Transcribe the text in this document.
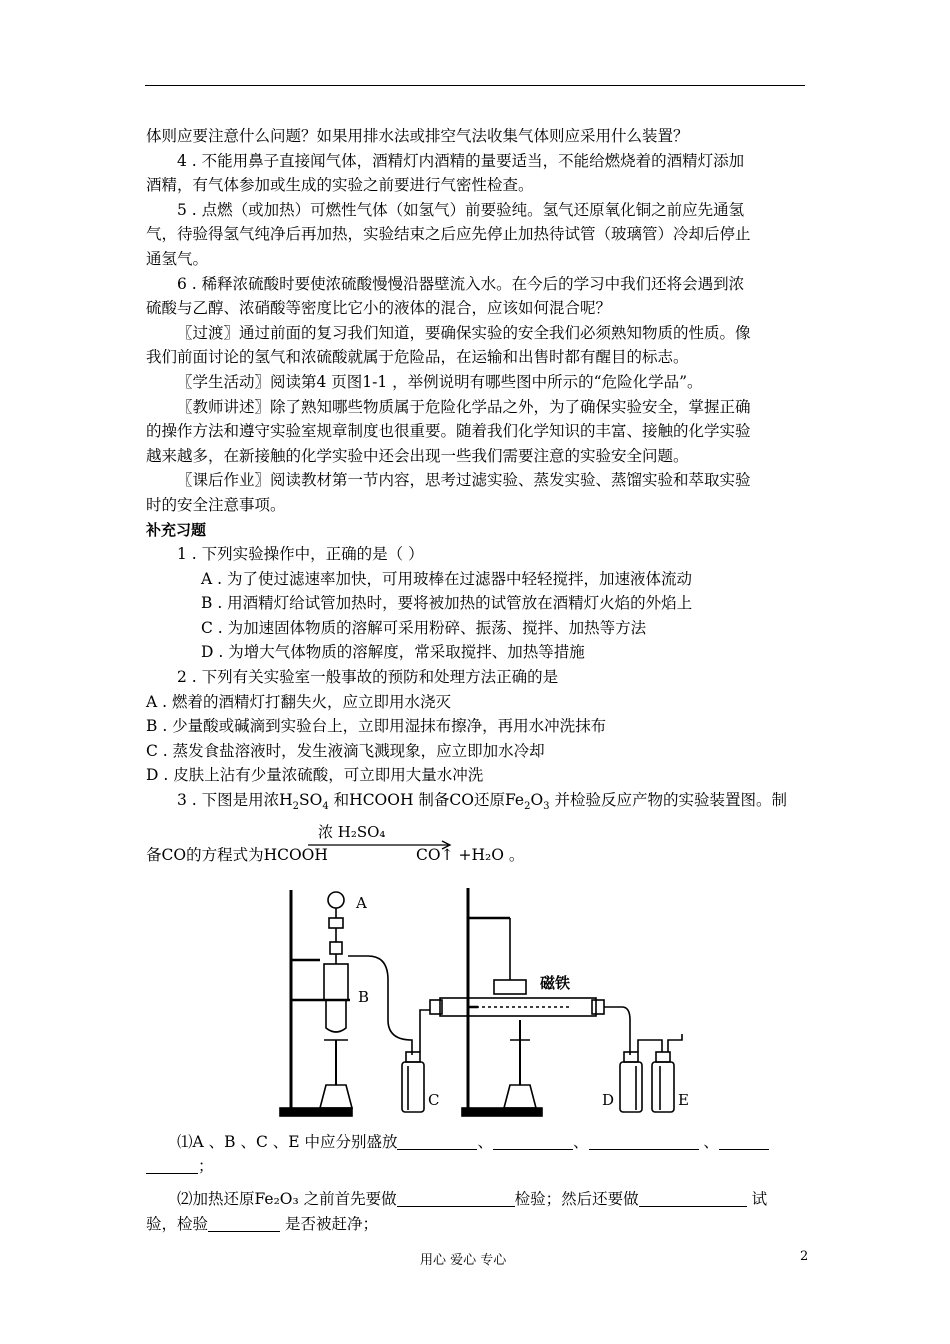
体则应要注意什么问题？如果用排水法或排空气法收集气体则应采用什么装置？

4 . 不能用鼻子直接闻气体，酒精灯内酒精的量要适当，不能给燃烧着的酒精灯添加

酒精，有气体参加或生成的实验之前要进行气密性检查。

5 . 点燃（或加热）可燃性气体（如氢气）前要验纯。氢气还原氧化铜之前应先通氢

气，待验得氢气纯净后再加热，实验结束之后应先停止加热待试管（玻璃管）冷却后停止

通氢气。

6 . 稀释浓硫酸时要使浓硫酸慢慢沿器壁流入水。在今后的学习中我们还将会遇到浓

硫酸与乙醇、浓硝酸等密度比它小的液体的混合，应该如何混合呢？

〖过渡〗通过前面的复习我们知道，要确保实验的安全我们必须熟知物质的性质。像

我们前面讨论的氢气和浓硫酸就属于危险品，在运输和出售时都有醒目的标志。

〖学生活动〗阅读第4 页图1-1 ，举例说明有哪些图中所示的“危险化学品”。

〖教师讲述〗除了熟知哪些物质属于危险化学品之外，为了确保实验安全，掌握正确

的操作方法和遵守实验室规章制度也很重要。随着我们化学知识的丰富、接触的化学实验

越来越多，在新接触的化学实验中还会出现一些我们需要注意的实验安全问题。

〖课后作业〗阅读教材第一节内容，思考过滤实验、蒸发实验、蒸馏实验和萃取实验

时的安全注意事项。

补充习题

1 . 下列实验操作中，正确的是（ ）

A . 为了使过滤速率加快，可用玻棒在过滤器中轻轻搅拌，加速液体流动

B . 用酒精灯给试管加热时，要将被加热的试管放在酒精灯火焰的外焰上

C . 为加速固体物质的溶解可采用粉碎、振荡、搅拌、加热等方法

D . 为增大气体物质的溶解度，常采取搅拌、加热等措施

2 . 下列有关实验室一般事故的预防和处理方法正确的是

A . 燃着的酒精灯打翻失火，应立即用水浇灭

B . 少量酸或碱滴到实验台上，立即用湿抹布擦净，再用水冲洗抹布

C . 蒸发食盐溶液时，发生液滴飞溅现象，应立即加水冷却

D . 皮肤上沾有少量浓硫酸，可立即用大量水冲洗

3 . 下图是用浓$H_2SO_4$ 和HCOOH 制备CO还原$Fe_2O_3$ 并检验反应产物的实验装置图。制

备CO的方程式为HCOOH
浓 H₂SO₄
CO↑ +H₂O 。
A
B
C
磁铁
D	E

⑴A 、B 、C 、E 中应分别盛放	、	、	、

；

⑵加热还原Fe₂O₃ 之前首先要做	检验；然后还要做	试

验，检验	是否被赶净；

用心 爱心 专心	2
